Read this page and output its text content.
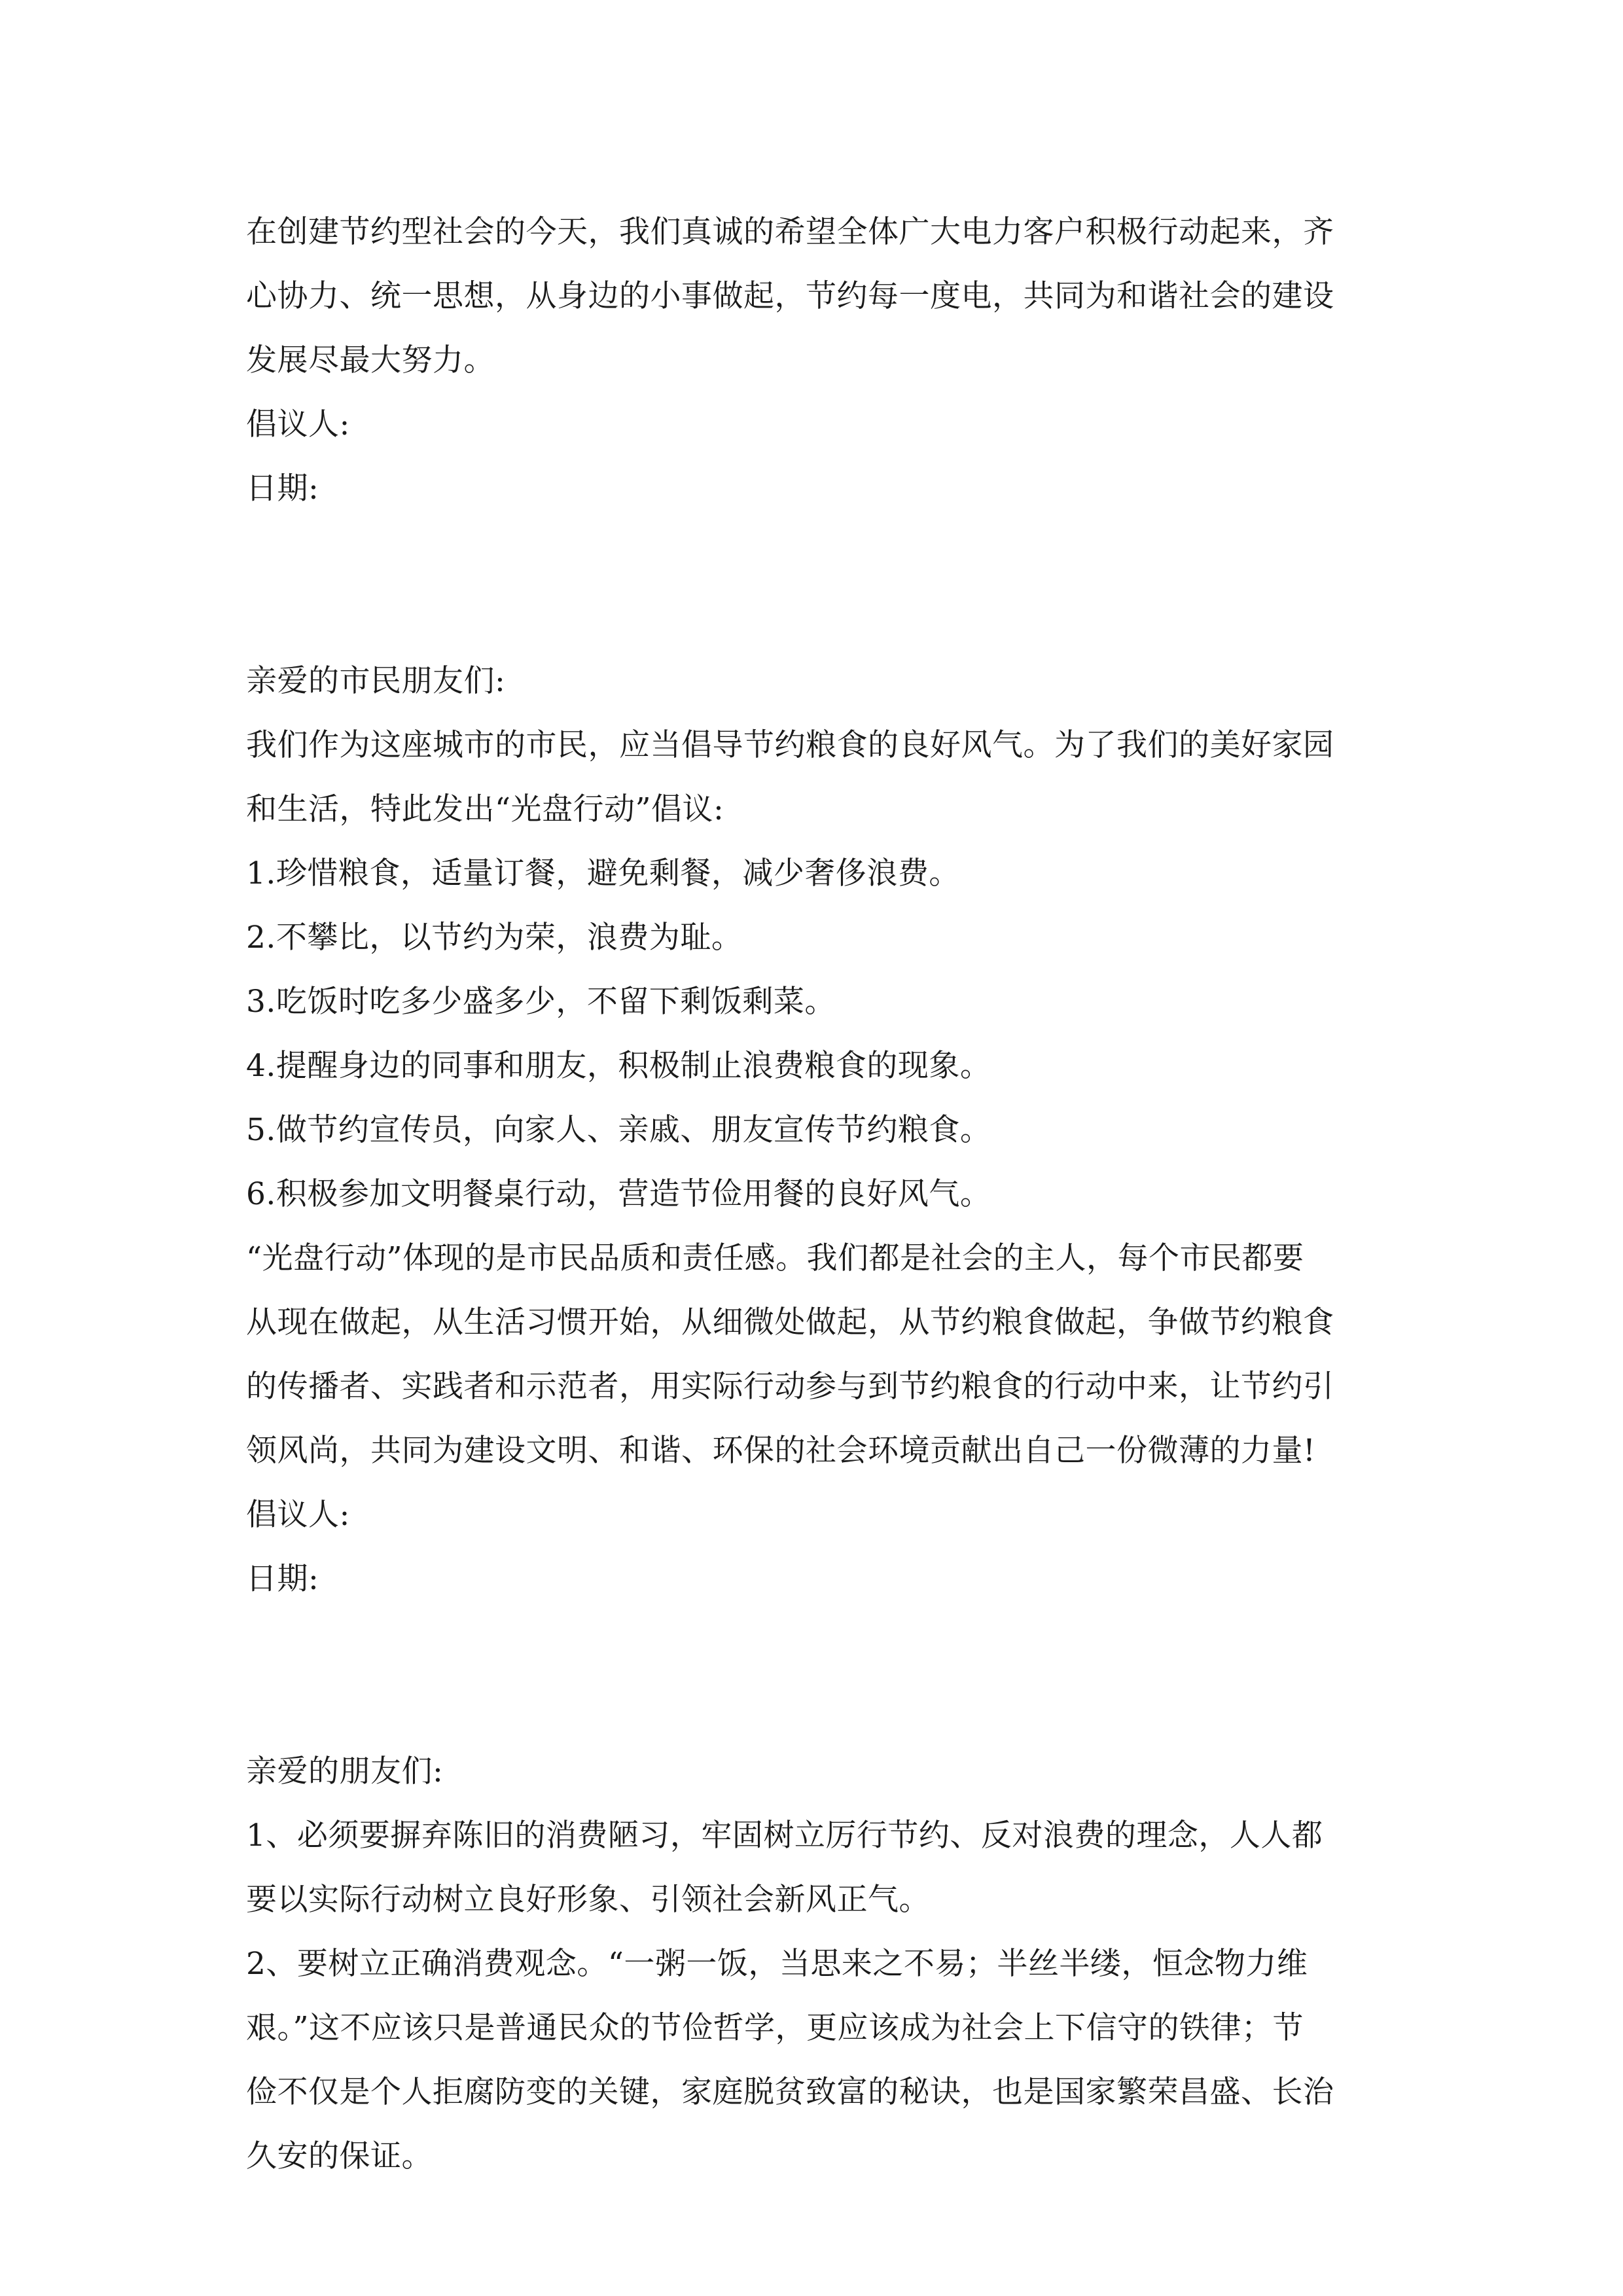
在创建节约型社会的今天，我们真诚的希望全体广大电力客户积极行动起来，齐
心协力、统一思想，从身边的小事做起，节约每一度电，共同为和谐社会的建设
发展尽最大努力。
倡议人:
日期:
亲爱的市民朋友们:
我们作为这座城市的市民，应当倡导节约粮食的良好风气。为了我们的美好家园
和生活，特此发出“光盘行动”倡议:
1.珍惜粮食，适量订餐，避免剩餐，减少奢侈浪费。
2.不攀比，以节约为荣，浪费为耻。
3.吃饭时吃多少盛多少，不留下剩饭剩菜。
4.提醒身边的同事和朋友，积极制止浪费粮食的现象。
5.做节约宣传员，向家人、亲戚、朋友宣传节约粮食。
6.积极参加文明餐桌行动，营造节俭用餐的良好风气。
“光盘行动”体现的是市民品质和责任感。我们都是社会的主人，每个市民都要
从现在做起，从生活习惯开始，从细微处做起，从节约粮食做起，争做节约粮食
的传播者、实践者和示范者，用实际行动参与到节约粮食的行动中来，让节约引
领风尚，共同为建设文明、和谐、环保的社会环境贡献出自己一份微薄的力量!
倡议人:
日期:
亲爱的朋友们:
1、必须要摒弃陈旧的消费陋习，牢固树立厉行节约、反对浪费的理念，人人都
要以实际行动树立良好形象、引领社会新风正气。
2、要树立正确消费观念。“一粥一饭，当思来之不易；半丝半缕，恒念物力维
艰。”这不应该只是普通民众的节俭哲学，更应该成为社会上下信守的铁律；节
俭不仅是个人拒腐防变的关键，家庭脱贫致富的秘诀，也是国家繁荣昌盛、长治
久安的保证。
